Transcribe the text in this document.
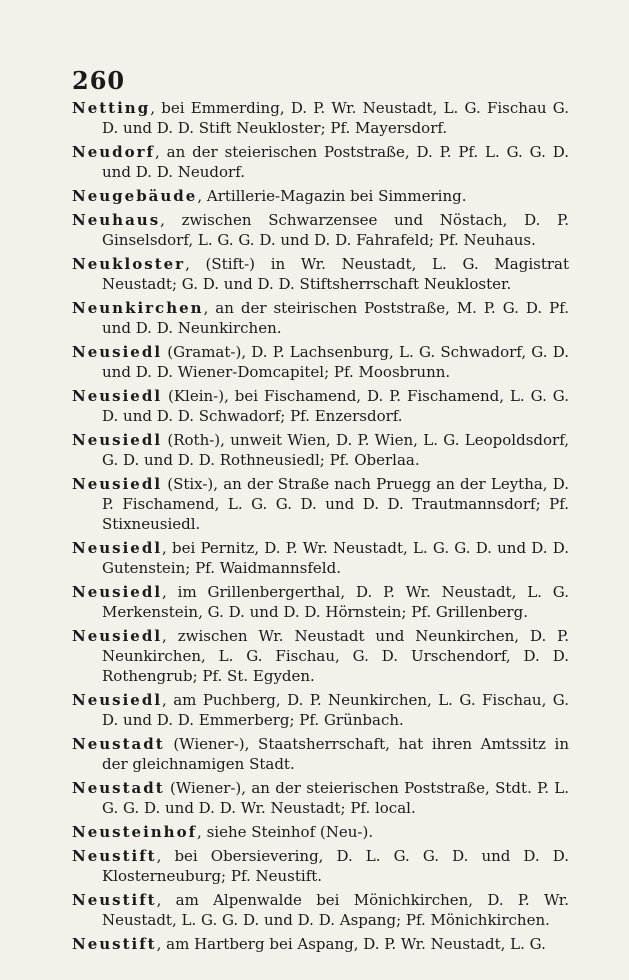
260

Netting, bei Emmerding, D. P. Wr. Neustadt, L. G. Fischau G. D. und D. D. Stift Neukloster; Pf. Mayersdorf.

Neudorf, an der steierischen Poststraße, D. P. Pf. L. G. G. D. und D. D. Neudorf.

Neugebäude, Artillerie-Magazin bei Simmering.

Neuhaus, zwischen Schwarzensee und Nöstach, D. P. Ginselsdorf, L. G. G. D. und D. D. Fahrafeld; Pf. Neuhaus.

Neukloster, (Stift-) in Wr. Neustadt, L. G. Magistrat Neustadt; G. D. und D. D. Stiftsherrschaft Neukloster.

Neunkirchen, an der steirischen Poststraße, M. P. G. D. Pf. und D. D. Neunkirchen.

Neusiedl (Gramat-), D. P. Lachsenburg, L. G. Schwadorf, G. D. und D. D. Wiener-Domcapitel; Pf. Moosbrunn.

Neusiedl (Klein-), bei Fischamend, D. P. Fischamend, L. G. G. D. und D. D. Schwadorf; Pf. Enzersdorf.

Neusiedl (Roth-), unweit Wien, D. P. Wien, L. G. Leopoldsdorf, G. D. und D. D. Rothneusiedl; Pf. Oberlaa.

Neusiedl (Stix-), an der Straße nach Pruegg an der Leytha, D. P. Fischamend, L. G. G. D. und D. D. Trautmannsdorf; Pf. Stixneusiedl.

Neusiedl, bei Pernitz, D. P. Wr. Neustadt, L. G. G. D. und D. D. Gutenstein; Pf. Waidmannsfeld.

Neusiedl, im Grillenbergerthal, D. P. Wr. Neustadt, L. G. Merkenstein, G. D. und D. D. Hörnstein; Pf. Grillenberg.

Neusiedl, zwischen Wr. Neustadt und Neunkirchen, D. P. Neunkirchen, L. G. Fischau, G. D. Urschendorf, D. D. Rothengrub; Pf. St. Egyden.

Neusiedl, am Puchberg, D. P. Neunkirchen, L. G. Fischau, G. D. und D. D. Emmerberg; Pf. Grünbach.

Neustadt (Wiener-), Staatsherrschaft, hat ihren Amtssitz in der gleichnamigen Stadt.

Neustadt (Wiener-), an der steierischen Poststraße, Stdt. P. L. G. G. D. und D. D. Wr. Neustadt; Pf. local.

Neusteinhof, siehe Steinhof (Neu-).

Neustift, bei Obersievering, D. L. G. G. D. und D. D. Klosterneuburg; Pf. Neustift.

Neustift, am Alpenwalde bei Mönichkirchen, D. P. Wr. Neustadt, L. G. G. D. und D. D. Aspang; Pf. Mönichkirchen.

Neustift, am Hartberg bei Aspang, D. P. Wr. Neustadt, L. G.
